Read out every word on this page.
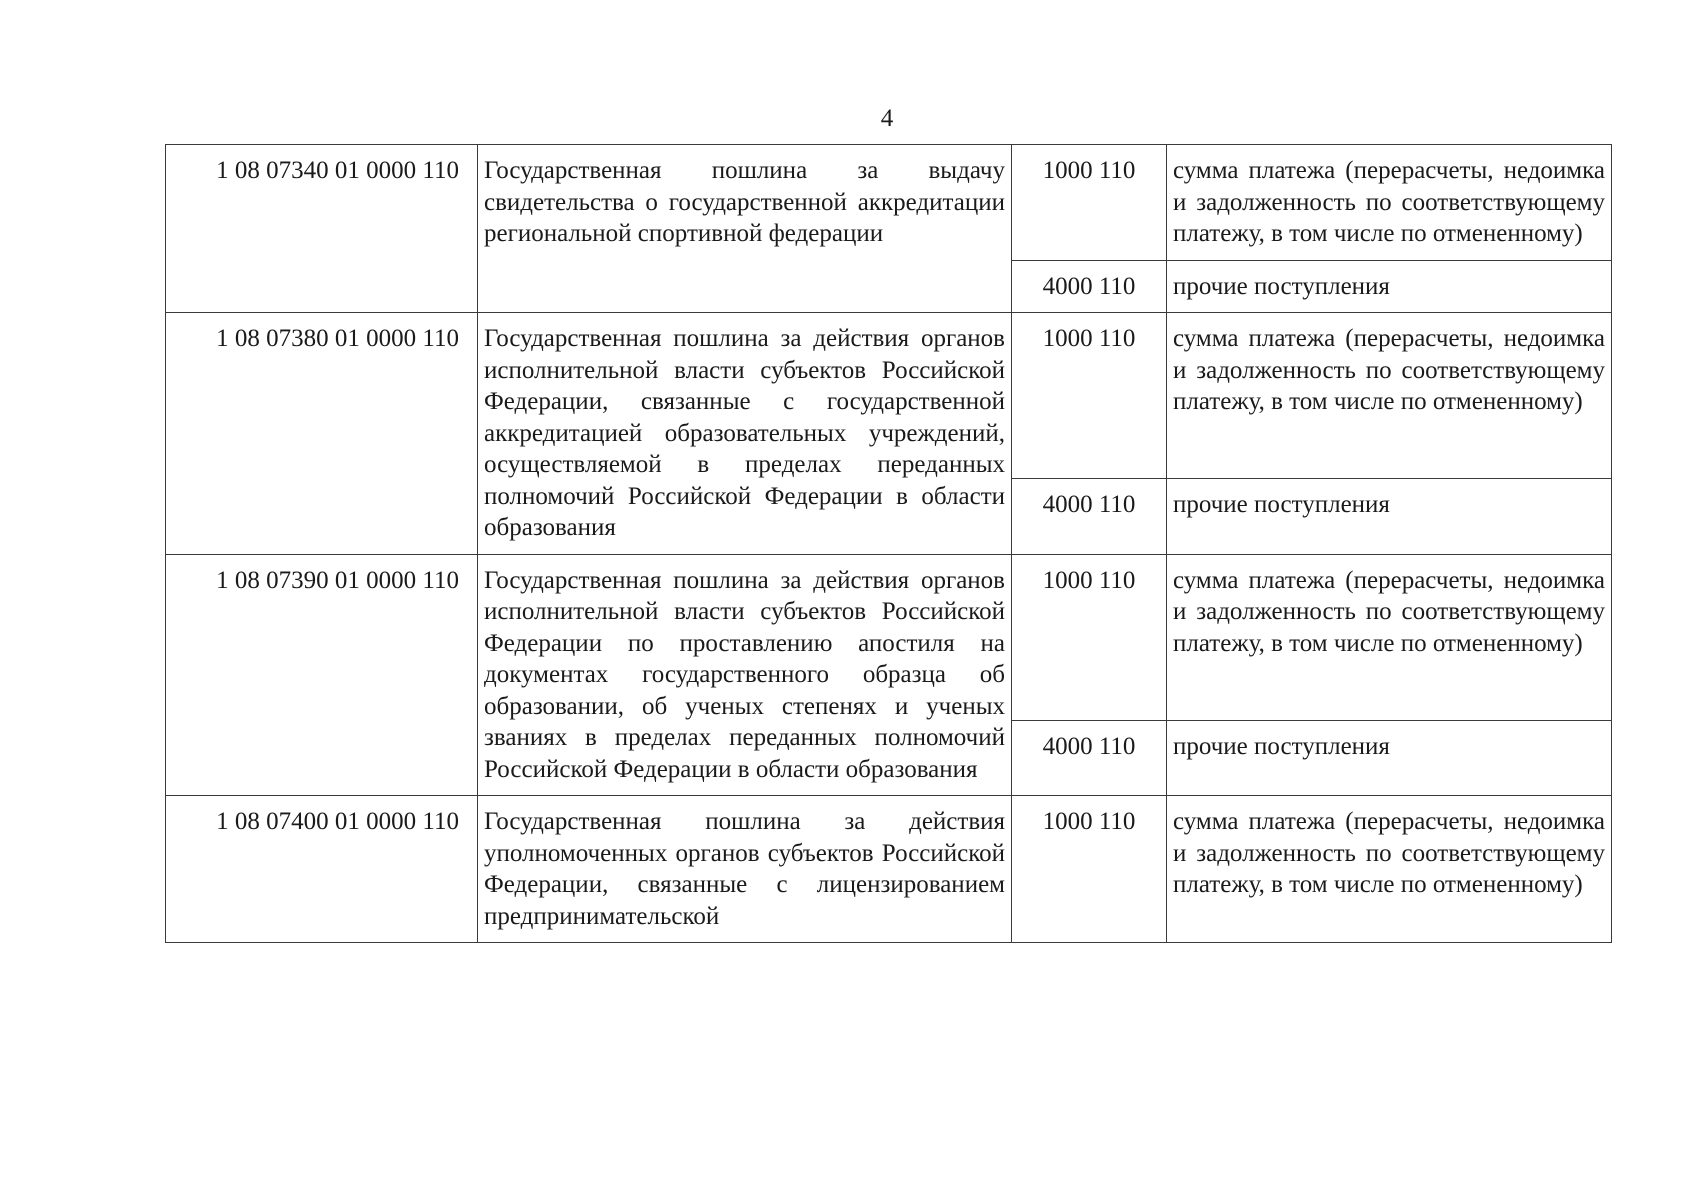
4
1 08 07340 01 0000 110	Государственная пошлина за выдачу свидетельства о государственной аккредитации региональной спортивной федерации	1000 110	сумма платежа (перерасчеты, недоимка и задолженность по соответствующему платежу, в том числе по отмененному)
		4000 110	прочие поступления
1 08 07380 01 0000 110	Государственная пошлина за действия органов исполнительной власти субъектов Российской Федерации, связанные с государственной аккредитацией образовательных учреждений, осуществляемой в пределах переданных полномочий Российской Федерации в области образования	1000 110	сумма платежа (перерасчеты, недоимка и задолженность по соответствующему платежу, в том числе по отмененному)
		4000 110	прочие поступления
1 08 07390 01 0000 110	Государственная пошлина за действия органов исполнительной власти субъектов Российской Федерации по проставлению апостиля на документах государственного образца об образовании, об ученых степенях и ученых званиях в пределах переданных полномочий Российской Федерации в области образования	1000 110	сумма платежа (перерасчеты, недоимка и задолженность по соответствующему платежу, в том числе по отмененному)
		4000 110	прочие поступления
1 08 07400 01 0000 110	Государственная пошлина за действия уполномоченных органов субъектов Российской Федерации, связанные с лицензированием предпринимательской	1000 110	сумма платежа (перерасчеты, недоимка и задолженность по соответствующему платежу, в том числе по отмененному)
